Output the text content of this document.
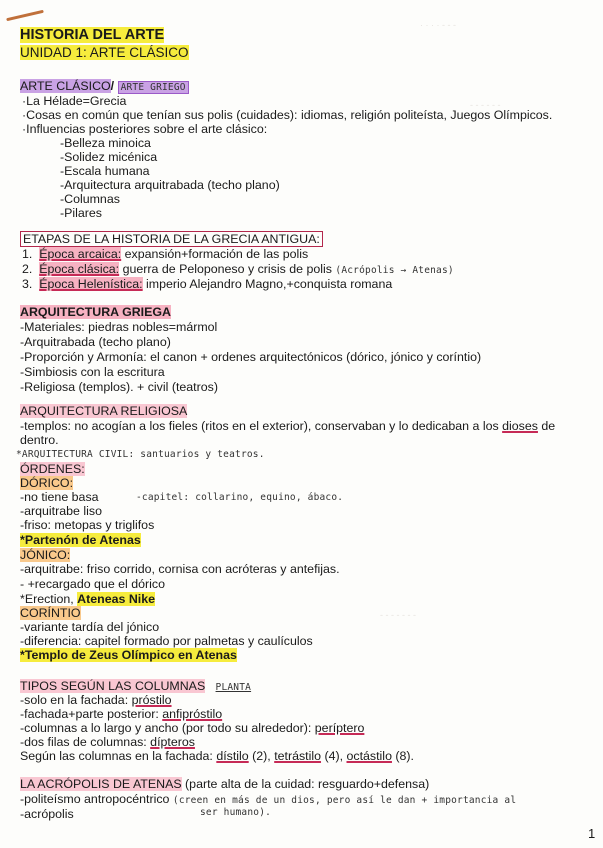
· · · · ‐ ‐ ‐
‐ ‐ ‐ ‐ ‐ ‐
‐ ‐ ‐ ‐ ‐ ‐ ‐
HISTORIA DEL ARTE
UNIDAD 1: ARTE CLÁSICO
ARTE CLÁSICO/ ARTE GRIEGO
·La Hélade=Grecia
·Cosas en común que tenían sus polis (cuidades): idiomas, religión politeísta, Juegos Olímpicos.
·Influencias posteriores sobre el arte clásico:
-Belleza minoica
-Solidez micénica
-Escala humana
-Arquitectura arquitrabada (techo plano)
-Columnas
-Pilares
ETAPAS DE LA HISTORIA DE LA GRECIA ANTIGUA:
1. Época arcaica: expansión+formación de las polis
2. Época clásica: guerra de Peloponeso y crisis de polis (Acrópolis → Atenas)
3. Época Helenística: imperio Alejandro Magno,+conquista romana
ARQUITECTURA GRIEGA
-Materiales: piedras nobles=mármol
-Arquitrabada (techo plano)
-Proporción y Armonía: el canon + ordenes arquitectónicos (dórico, jónico y coríntio)
-Simbiosis con la escritura
-Religiosa (templos). + civil (teatros)
ARQUITECTURA RELIGIOSA
-templos: no acogían a los fieles (ritos en el exterior), conservaban y lo dedicaban a los dioses de
dentro.
*ARQUITECTURA CIVIL: santuarios y teatros.
ÓRDENES:
DÓRICO:
-no tiene basa	-capitel: collarino, equino, ábaco.
-arquitrabe liso
-friso: metopas y triglifos
*Partenón de Atenas
JÓNICO:
-arquitrabe: friso corrido, cornisa con acróteras y antefijas.
- +recargado que el dórico
*Erection, Ateneas Nike
CORÍNTIO
-variante tardía del jónico
-diferencia: capitel formado por palmetas y caulículos
*Templo de Zeus Olímpico en Atenas
TIPOS SEGÚN LAS COLUMNAS PLANTA
-solo en la fachada: próstilo
-fachada+parte posterior: anfipróstilo
-columnas a lo largo y ancho (por todo su alrededor): períptero
-dos filas de columnas: dípteros
Según las columnas en la fachada: dístilo (2), tetrástilo (4), octástilo (8).
LA ACRÓPOLIS DE ATENAS (parte alta de la cuidad: resguardo+defensa)
-politeísmo antropocéntrico (creen en más de un dios, pero así le dan + importancia al
ser humano).
-acrópolis
1
